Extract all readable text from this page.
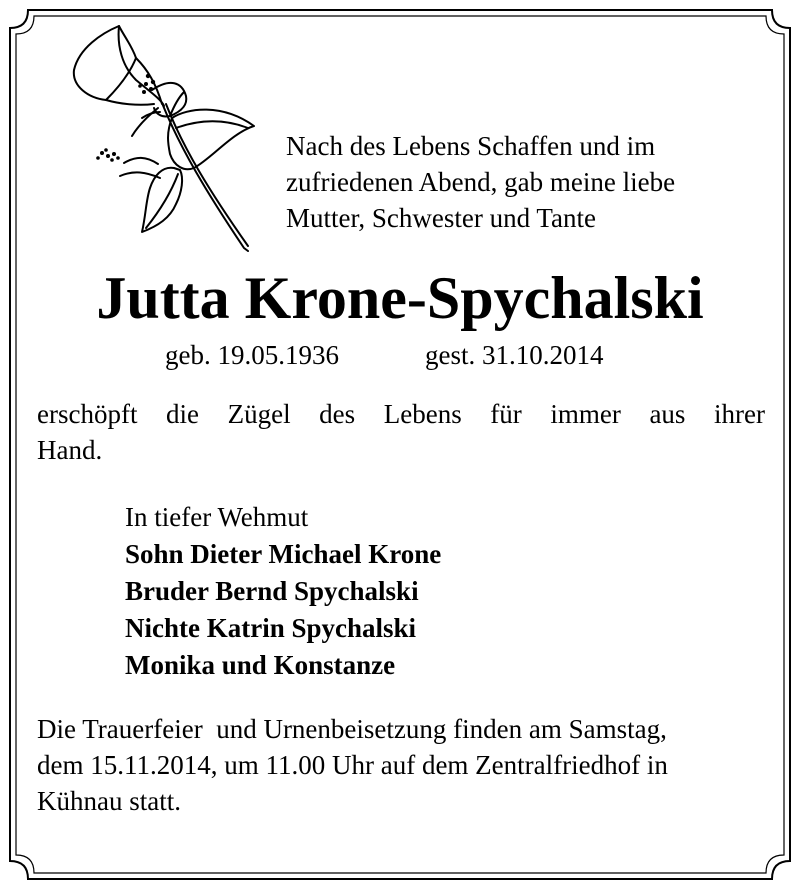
Nach des Lebens Schaffen und im
zufriedenen Abend, gab meine liebe
Mutter, Schwester und Tante
Jutta Krone-Spychalski
geb. 19.05.1936	gest. 31.10.2014
erschöpft die Zügel des Lebens für immer aus ihrer
Hand.
In tiefer Wehmut
Sohn Dieter Michael Krone
Bruder Bernd Spychalski
Nichte Katrin Spychalski
Monika und Konstanze
Die Trauerfeier  und Urnenbeisetzung finden am Samstag,
dem 15.11.2014, um 11.00 Uhr auf dem Zentralfriedhof in
Kühnau statt.
